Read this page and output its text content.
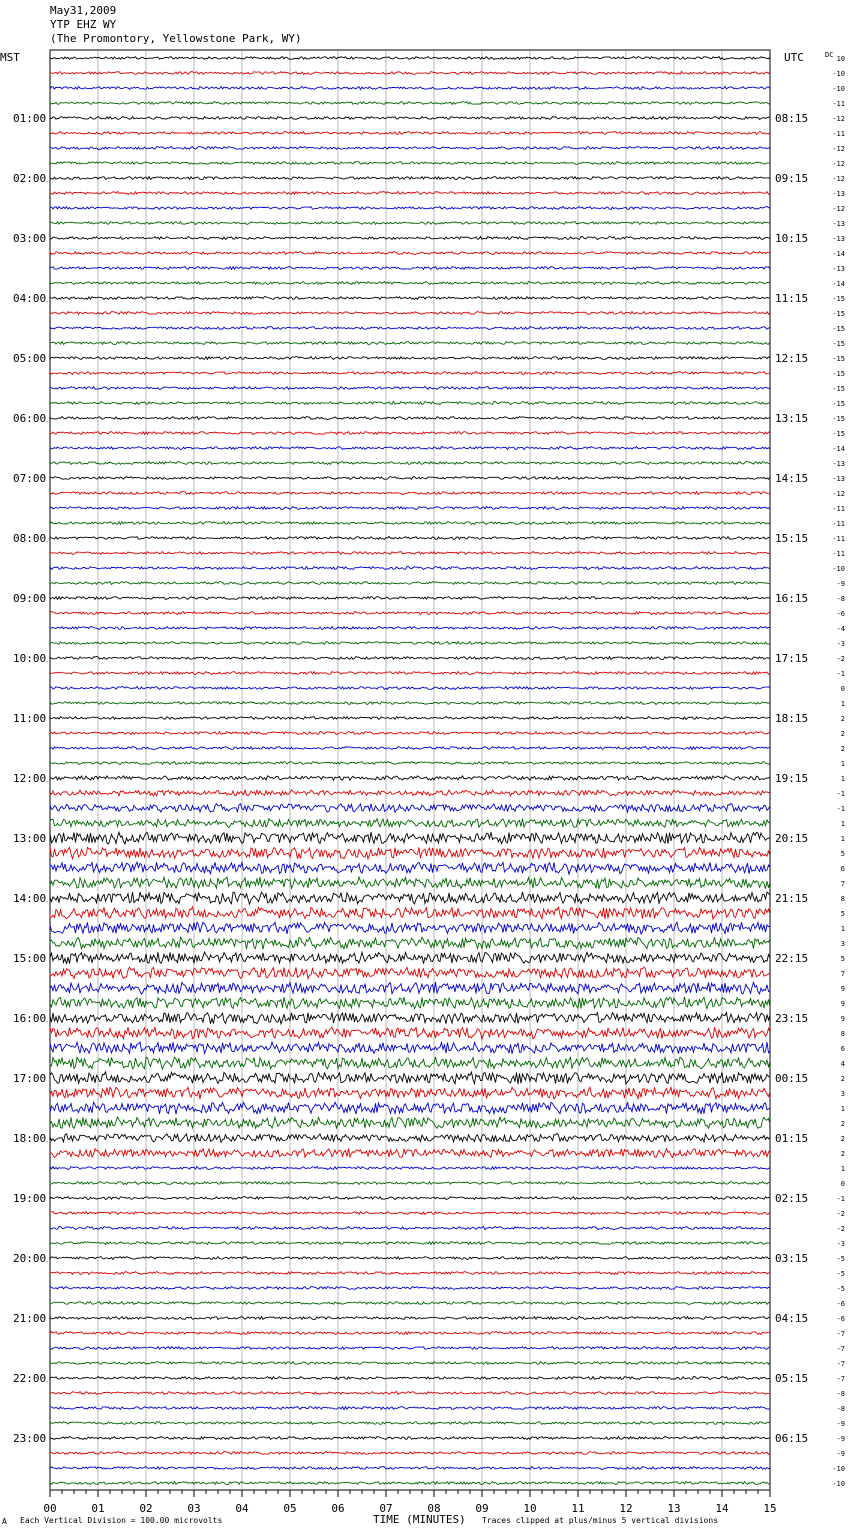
May31,2009
YTP EHZ WY
(The Promontory, Yellowstone Park, WY)
MST	UTC	DC
01:00
02:00
03:00
04:00
05:00
06:00
07:00
08:00
09:00
10:00
11:00
12:00
13:00
14:00
15:00
16:00
17:00
18:00
19:00
20:00
21:00
22:00
23:00
08:15
09:15
10:15
11:15
12:15
13:15
14:15
15:15
16:15
17:15
18:15
19:15
20:15
21:15
22:15
23:15
00:15
01:15
02:15
03:15
04:15
05:15
06:15
10
-10
-10
-11
-12
-11
-12
-12
-12
-13
-12
-13
-13
-14
-13
-14
-15
-15
-15
-15
-15
-15
-15
-15
-15
-15
-14
-13
-13
-12
-11
-11
-11
-11
-10
-9
-8
-6
-4
-3
-2
-1
0
1
2
2
2
1
1
-1
-1
1
1
5
6
7
8
5
1
3
5
7
9
9
9
8
6
4
2
3
1
2
2
2
1
0
-1
-2
-2
-3
-5
-5
-5
-6
-6
-7
-7
-7
-7
-8
-8
-9
-9
-9
-10
-10
00	01	02	03	04	05	06	07	08	09	10	11	12	13	14	15
A Each Vertical Division = 100.00 microvolts	TIME (MINUTES) Traces clipped at plus/minus 5 vertical divisions
